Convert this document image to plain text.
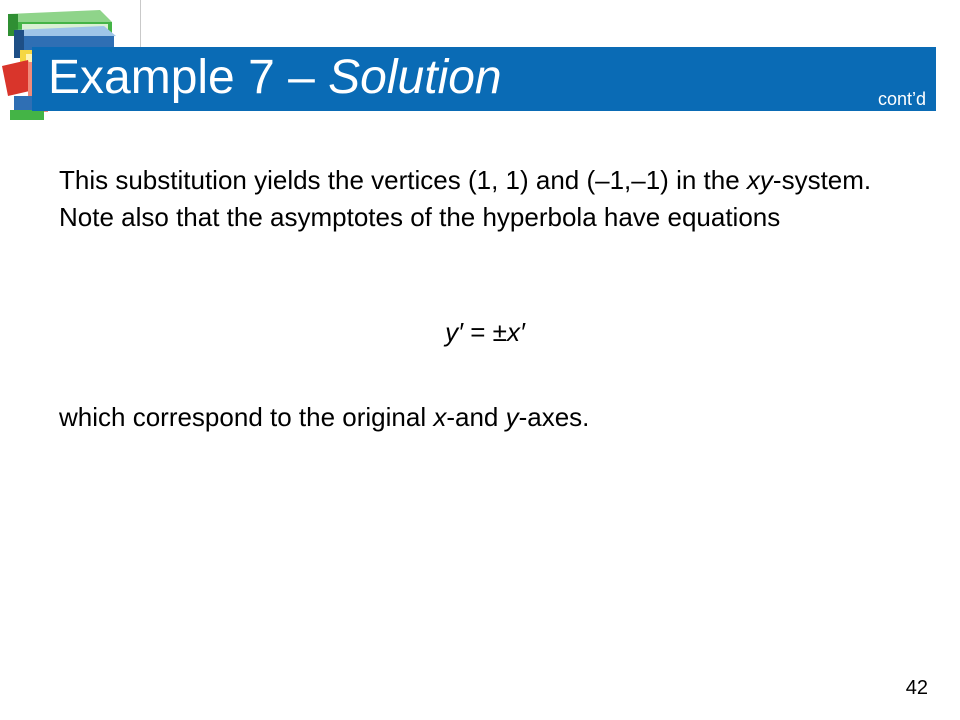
Example 7 – Solution	cont’d
This substitution yields the vertices (1, 1) and (–1,–1) in the xy-system. Note also that the asymptotes of the hyperbola have equations
y′ = ±x′
which correspond to the original x-and y-axes.
42
